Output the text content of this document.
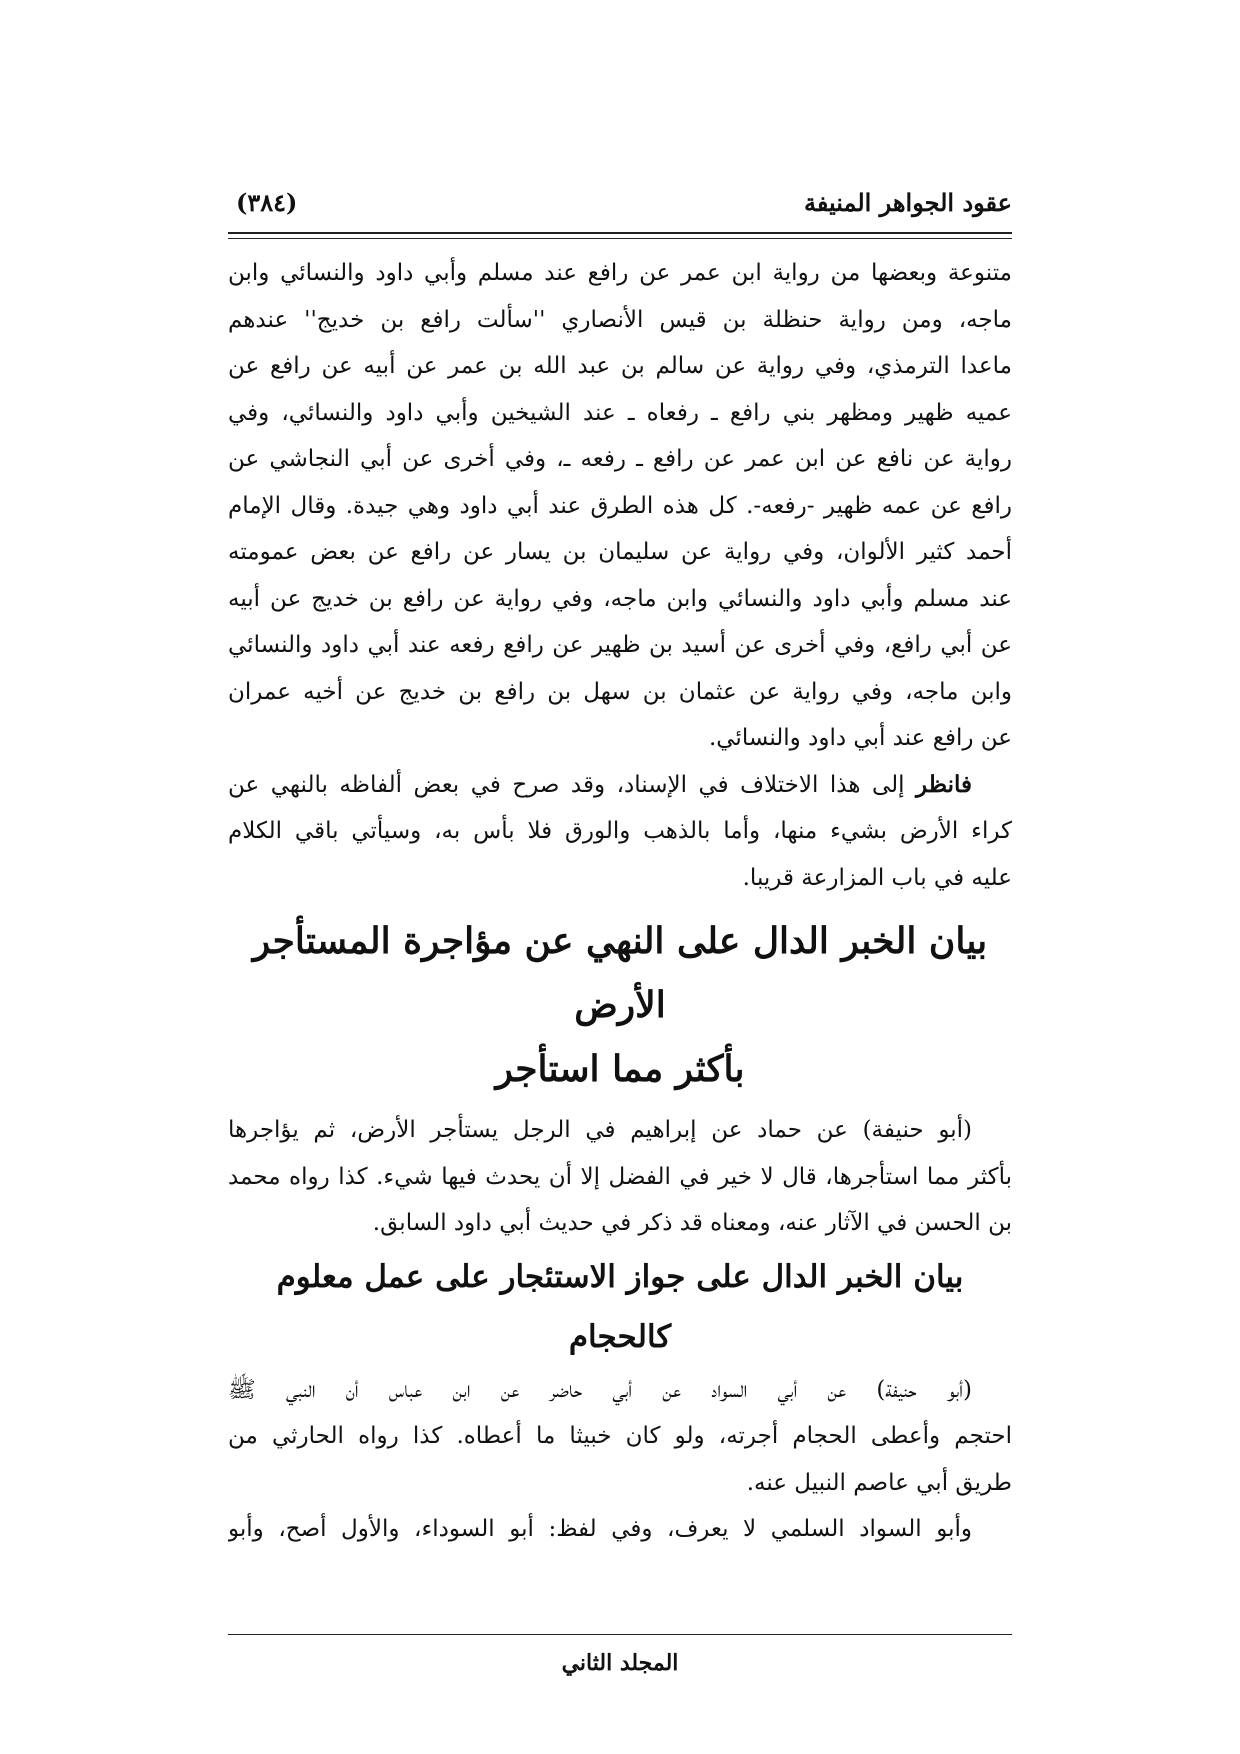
عقود الجواهر المنيفة
(٣٨٤)
متنوعة وبعضها من رواية ابن عمر عن رافع عند مسلم وأبي داود والنسائي وابن
ماجه، ومن رواية حنظلة بن قيس الأنصاري ''سألت رافع بن خديج'' عندهم
ماعدا الترمذي، وفي رواية عن سالم بن عبد الله بن عمر عن أبيه عن رافع عن
عميه ظهير ومظهر بني رافع ـ رفعاه ـ عند الشيخين وأبي داود والنسائي، وفي
رواية عن نافع عن ابن عمر عن رافع ـ رفعه ـ، وفي أخرى عن أبي النجاشي عن
رافع عن عمه ظهير -رفعه-. كل هذه الطرق عند أبي داود وهي جيدة. وقال الإمام
أحمد كثير الألوان، وفي رواية عن سليمان بن يسار عن رافع عن بعض عمومته
عند مسلم وأبي داود والنسائي وابن ماجه، وفي رواية عن رافع بن خديج عن أبيه
عن أبي رافع، وفي أخرى عن أسيد بن ظهير عن رافع رفعه عند أبي داود والنسائي
وابن ماجه، وفي رواية عن عثمان بن سهل بن رافع بن خديج عن أخيه عمران
عن رافع عند أبي داود والنسائي.
فانظر إلى هذا الاختلاف في الإسناد، وقد صرح في بعض ألفاظه بالنهي عن
كراء الأرض بشيء منها، وأما بالذهب والورق فلا بأس به، وسيأتي باقي الكلام
عليه في باب المزارعة قريبا.
بيان الخبر الدال على النهي عن مؤاجرة المستأجر الأرض
بأكثر مما استأجر
(أبو حنيفة) عن حماد عن إبراهيم في الرجل يستأجر الأرض، ثم يؤاجرها
بأكثر مما استأجرها، قال لا خير في الفضل إلا أن يحدث فيها شيء. كذا رواه محمد
بن الحسن في الآثار عنه، ومعناه قد ذكر في حديث أبي داود السابق.
بيان الخبر الدال على جواز الاستئجار على عمل معلوم كالحجام
(أبو حنيفة) عن أبي السواد عن أبي حاضر عن ابن عباس أن النبي ﷺ
احتجم وأعطى الحجام أجرته، ولو كان خبيثا ما أعطاه. كذا رواه الحارثي من
طريق أبي عاصم النبيل عنه.
وأبو السواد السلمي لا يعرف، وفي لفظ: أبو السوداء، والأول أصح، وأبو
المجلد الثاني
